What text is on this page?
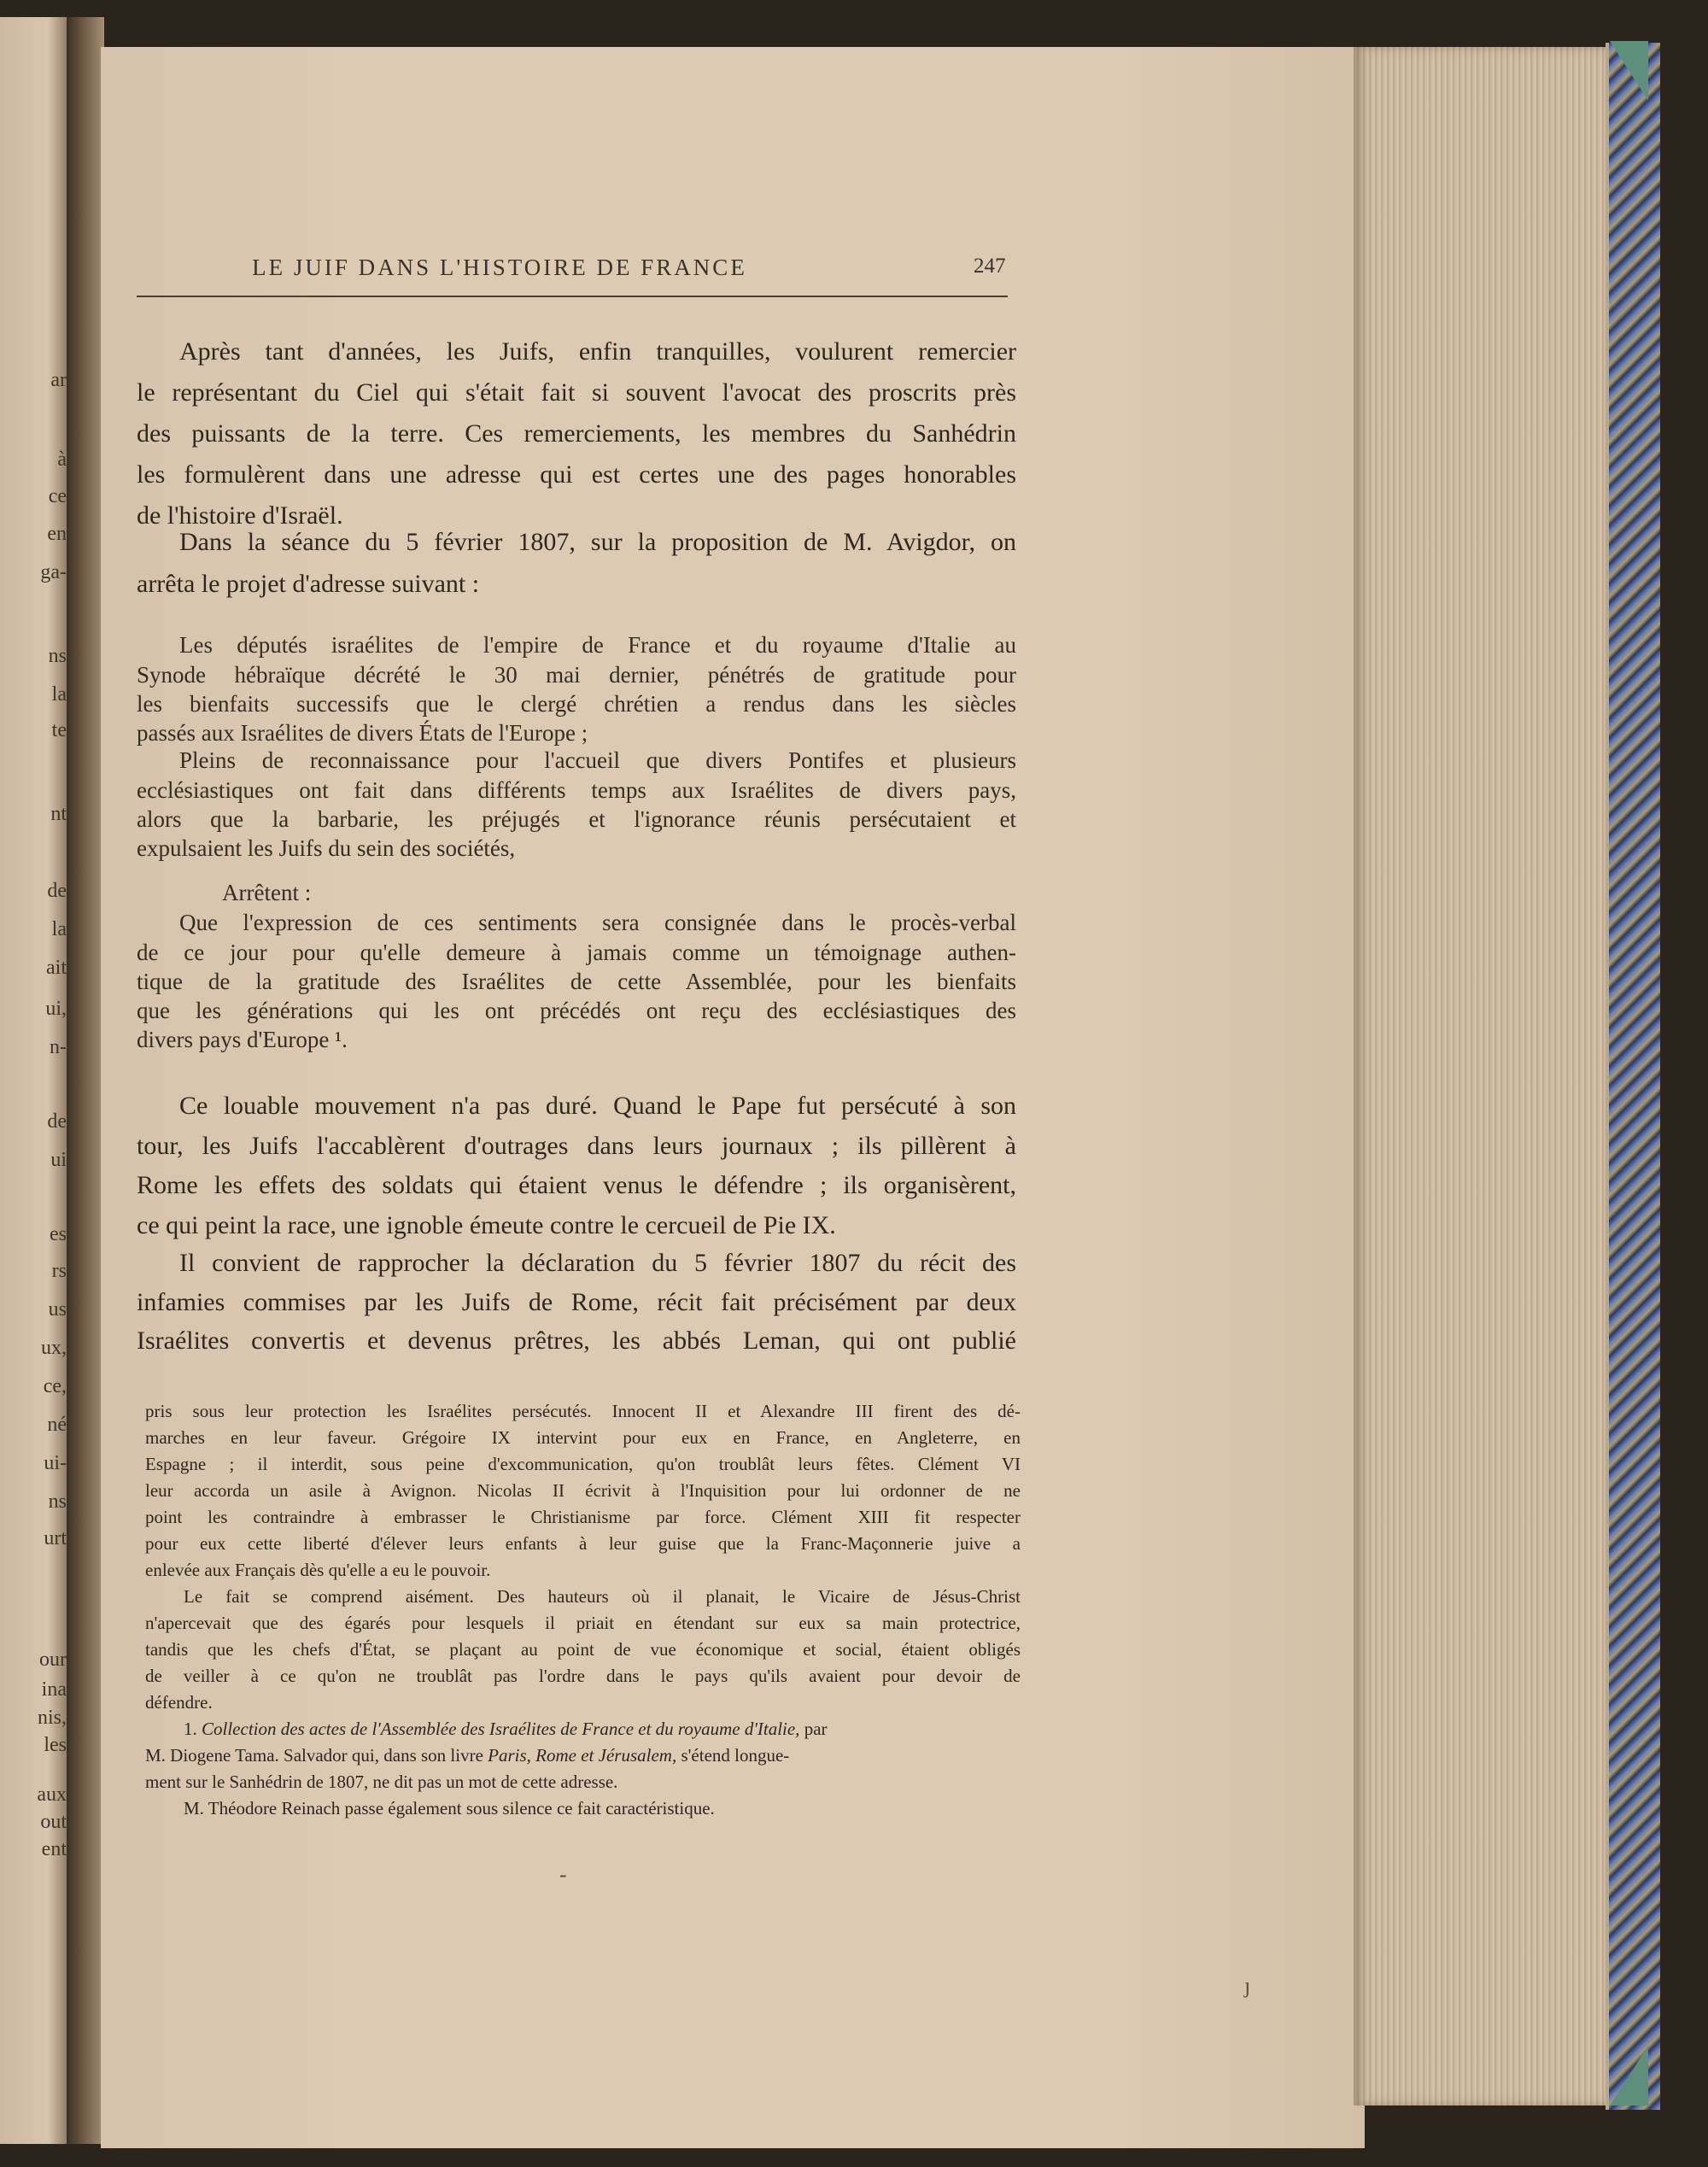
ar
à
ce
en
ga-
ns
la
te
nt
de
la
ait
ui,
n-
de
ui
es
rs
us
ux,
ce,
né
ui-
ns
urt
our
ina
nis,
les
aux
out
ent
LE JUIF DANS L'HISTOIRE DE FRANCE	247
Après tant d'années, les Juifs, enfin tranquilles, voulurent remercier
le représentant du Ciel qui s'était fait si souvent l'avocat des proscrits près
des puissants de la terre. Ces remerciements, les membres du Sanhédrin
les formulèrent dans une adresse qui est certes une des pages honorables
de l'histoire d'Israël.
Dans la séance du 5 février 1807, sur la proposition de M. Avigdor, on
arrêta le projet d'adresse suivant :
Les députés israélites de l'empire de France et du royaume d'Italie au
Synode hébraïque décrété le 30 mai dernier, pénétrés de gratitude pour
les bienfaits successifs que le clergé chrétien a rendus dans les siècles
passés aux Israélites de divers États de l'Europe ;
Pleins de reconnaissance pour l'accueil que divers Pontifes et plusieurs
ecclésiastiques ont fait dans différents temps aux Israélites de divers pays,
alors que la barbarie, les préjugés et l'ignorance réunis persécutaient et
expulsaient les Juifs du sein des sociétés,
Arrêtent :
Que l'expression de ces sentiments sera consignée dans le procès-verbal
de ce jour pour qu'elle demeure à jamais comme un témoignage authen-
tique de la gratitude des Israélites de cette Assemblée, pour les bienfaits
que les générations qui les ont précédés ont reçu des ecclésiastiques des
divers pays d'Europe ¹.
Ce louable mouvement n'a pas duré. Quand le Pape fut persécuté à son
tour, les Juifs l'accablèrent d'outrages dans leurs journaux ; ils pillèrent à
Rome les effets des soldats qui étaient venus le défendre ; ils organisèrent,
ce qui peint la race, une ignoble émeute contre le cercueil de Pie IX.
Il convient de rapprocher la déclaration du 5 février 1807 du récit des
infamies commises par les Juifs de Rome, récit fait précisément par deux
Israélites convertis et devenus prêtres, les abbés Leman, qui ont publié
pris sous leur protection les Israélites persécutés. Innocent II et Alexandre III firent des dé-
marches en leur faveur. Grégoire IX intervint pour eux en France, en Angleterre, en
Espagne ; il interdit, sous peine d'excommunication, qu'on troublât leurs fêtes. Clément VI
leur accorda un asile à Avignon. Nicolas II écrivit à l'Inquisition pour lui ordonner de ne
point les contraindre à embrasser le Christianisme par force. Clément XIII fit respecter
pour eux cette liberté d'élever leurs enfants à leur guise que la Franc-Maçonnerie juive a
enlevée aux Français dès qu'elle a eu le pouvoir.
Le fait se comprend aisément. Des hauteurs où il planait, le Vicaire de Jésus-Christ
n'apercevait que des égarés pour lesquels il priait en étendant sur eux sa main protectrice,
tandis que les chefs d'État, se plaçant au point de vue économique et social, étaient obligés
de veiller à ce qu'on ne troublât pas l'ordre dans le pays qu'ils avaient pour devoir de
défendre.
1. Collection des actes de l'Assemblée des Israélites de France et du royaume d'Italie, par
M. Diogene Tama. Salvador qui, dans son livre Paris, Rome et Jérusalem, s'étend longue-
ment sur le Sanhédrin de 1807, ne dit pas un mot de cette adresse.
M. Théodore Reinach passe également sous silence ce fait caractéristique.
-
ȷ
